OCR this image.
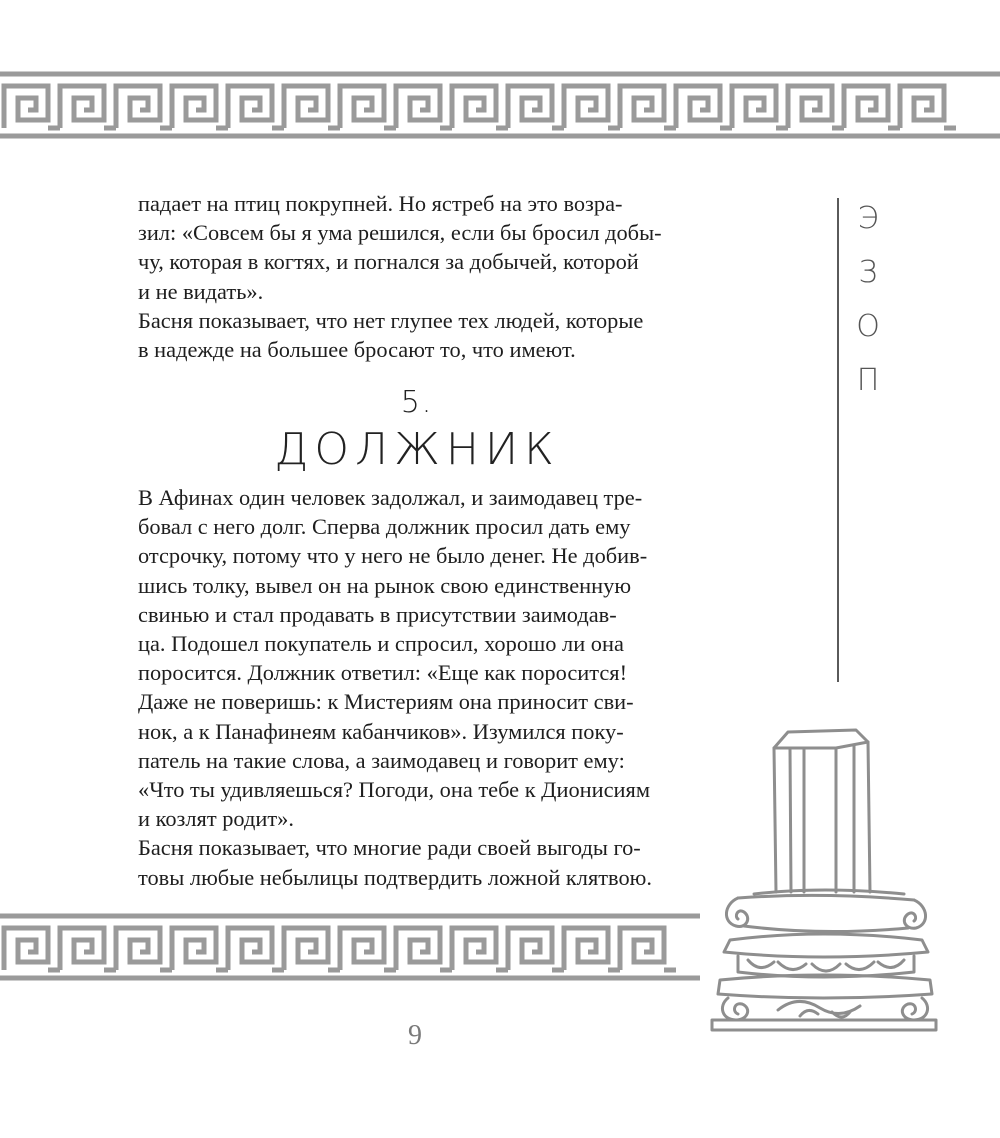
падает на птиц покрупней. Но ястреб на это возра-

зил: «Совсем бы я ума решился, если бы бросил добы-

чу, которая в когтях, и погнался за добычей, которой

и не видать».

Басня показывает, что нет глупее тех людей, которые

в надежде на большее бросают то, что имеют.

5.
ДОЛЖНИК

В Афинах один человек задолжал, и заимодавец тре-

бовал с него долг. Сперва должник просил дать ему

отсрочку, потому что у него не было денег. Не добив-

шись толку, вывел он на рынок свою единственную

свинью и стал продавать в присутствии заимодав-

ца. Подошел покупатель и спросил, хорошо ли она

поросится. Должник ответил: «Еще как поросится!

Даже не поверишь: к Мистериям она приносит сви-

нок, а к Панафинеям кабанчиков». Изумился поку-

патель на такие слова, а заимодавец и говорит ему:

«Что ты удивляешься? Погоди, она тебе к Дионисиям

и козлят родит».

Басня показывает, что многие ради своей выгоды го-

товы любые небылицы подтвердить ложной клятвою.

Э
З
О
П
9
